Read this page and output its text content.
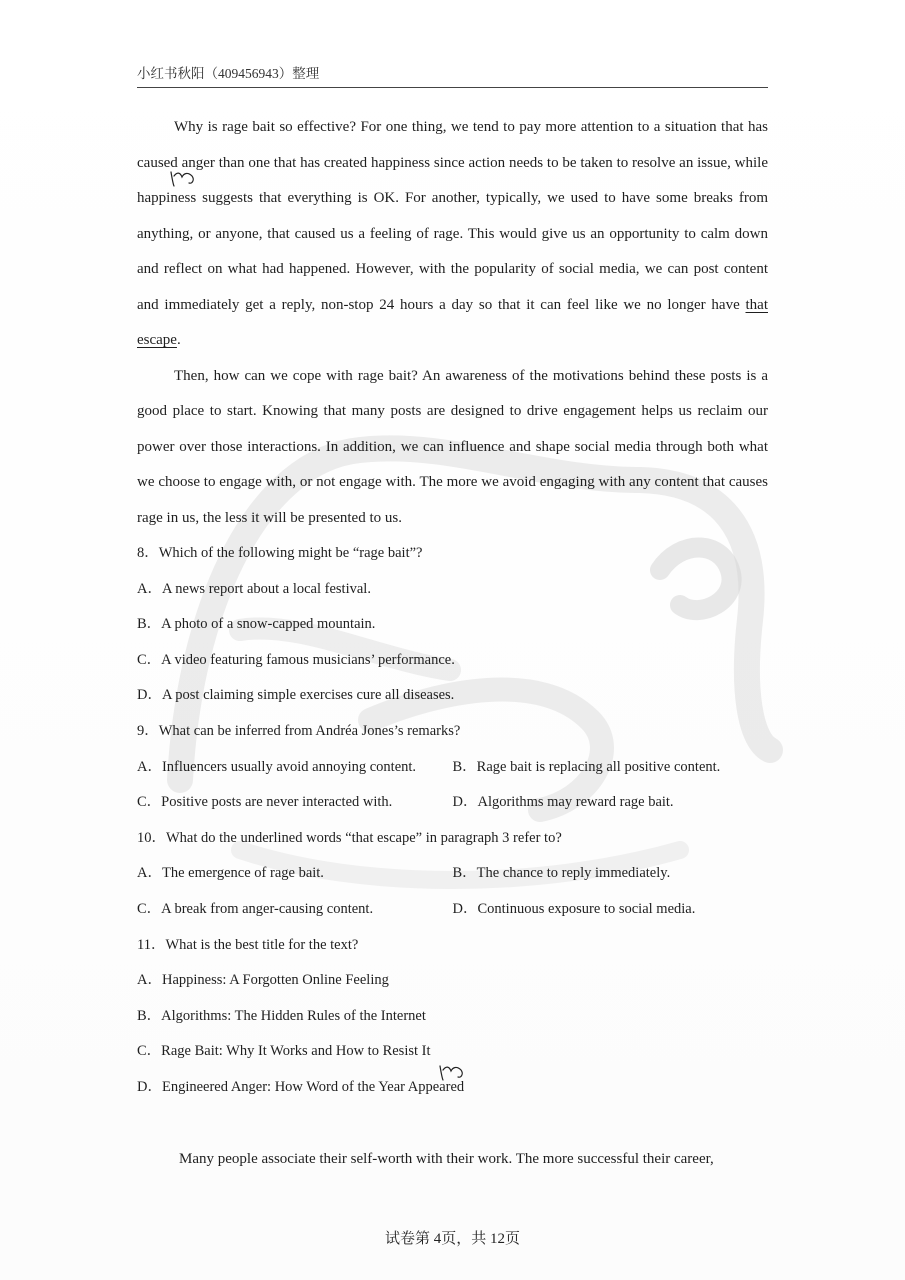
小红书秋阳（409456943）整理

Why is rage bait so effective? For one thing, we tend to pay more attention to a situation that has caused anger than one that has created happiness since action needs to be taken to resolve an issue, while happiness suggests that everything is OK. For another, typically, we used to have some breaks from anything, or anyone, that caused us a feeling of rage. This would give us an opportunity to calm down and reflect on what had happened. However, with the popularity of social media, we can post content and immediately get a reply, non-stop 24 hours a day so that it can feel like we no longer have that escape.

Then, how can we cope with rage bait? An awareness of the motivations behind these posts is a good place to start. Knowing that many posts are designed to drive engagement helps us reclaim our power over those interactions. In addition, we can influence and shape social media through both what we choose to engage with, or not engage with. The more we avoid engaging with any content that causes rage in us, the less it will be presented to us.

8．Which of the following might be “rage bait”?

A．A news report about a local festival.

B．A photo of a snow-capped mountain.

C．A video featuring famous musicians’ performance.

D．A post claiming simple exercises cure all diseases.

9．What can be inferred from Andréa Jones’s remarks?

A．Influencers usually avoid annoying content.	B．Rage bait is replacing all positive content.
C．Positive posts are never interacted with.	D．Algorithms may reward rage bait.

10．What do the underlined words “that escape” in paragraph 3 refer to?

A．The emergence of rage bait.	B．The chance to reply immediately.
C．A break from anger-causing content.	D．Continuous exposure to social media.

11．What is the best title for the text?

A．Happiness: A Forgotten Online Feeling

B．Algorithms: The Hidden Rules of the Internet

C．Rage Bait: Why It Works and How to Resist It

D．Engineered Anger: How Word of the Year Appeared

Many people associate their self-worth with their work. The more successful their career,

试卷第 4页，共 12页
